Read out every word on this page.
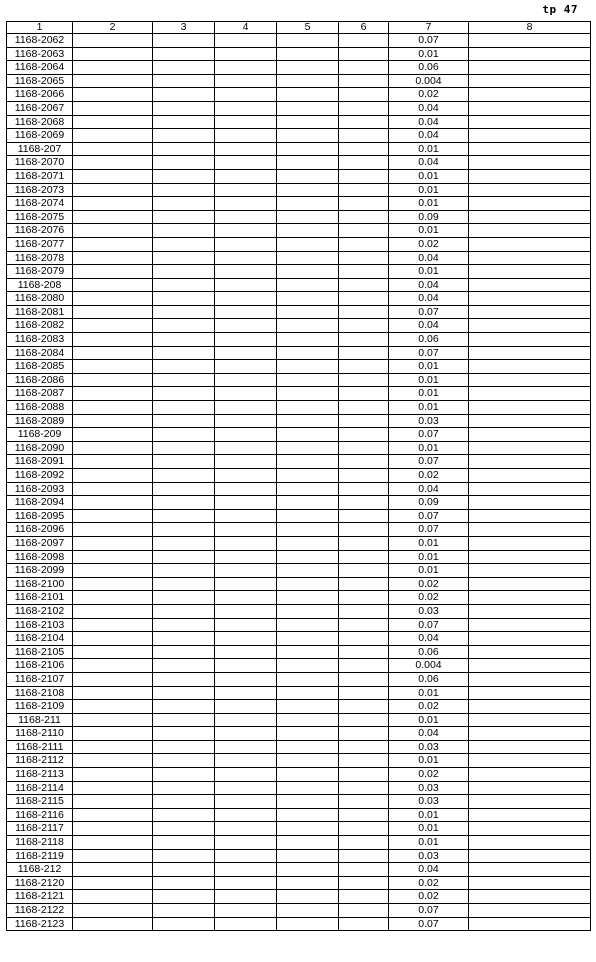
tp 47
1	2	3	4	5	6	7	8
1168-2062						0.07	
1168-2063						0.01	
1168-2064						0.06	
1168-2065						0.004	
1168-2066						0.02	
1168-2067						0.04	
1168-2068						0.04	
1168-2069						0.04	
1168-207						0.01	
1168-2070						0.04	
1168-2071						0.01	
1168-2073						0.01	
1168-2074						0.01	
1168-2075						0.09	
1168-2076						0.01	
1168-2077						0.02	
1168-2078						0.04	
1168-2079						0.01	
1168-208						0.04	
1168-2080						0.04	
1168-2081						0.07	
1168-2082						0.04	
1168-2083						0.06	
1168-2084						0.07	
1168-2085						0.01	
1168-2086						0.01	
1168-2087						0.01	
1168-2088						0.01	
1168-2089						0.03	
1168-209						0.07	
1168-2090						0.01	
1168-2091						0.07	
1168-2092						0.02	
1168-2093						0.04	
1168-2094						0.09	
1168-2095						0.07	
1168-2096						0.07	
1168-2097						0.01	
1168-2098						0.01	
1168-2099						0.01	
1168-2100						0.02	
1168-2101						0.02	
1168-2102						0.03	
1168-2103						0.07	
1168-2104						0.04	
1168-2105						0.06	
1168-2106						0.004	
1168-2107						0.06	
1168-2108						0.01	
1168-2109						0.02	
1168-211						0.01	
1168-2110						0.04	
1168-2111						0.03	
1168-2112						0.01	
1168-2113						0.02	
1168-2114						0.03	
1168-2115						0.03	
1168-2116						0.01	
1168-2117						0.01	
1168-2118						0.01	
1168-2119						0.03	
1168-212						0.04	
1168-2120						0.02	
1168-2121						0.02	
1168-2122						0.07	
1168-2123						0.07	
